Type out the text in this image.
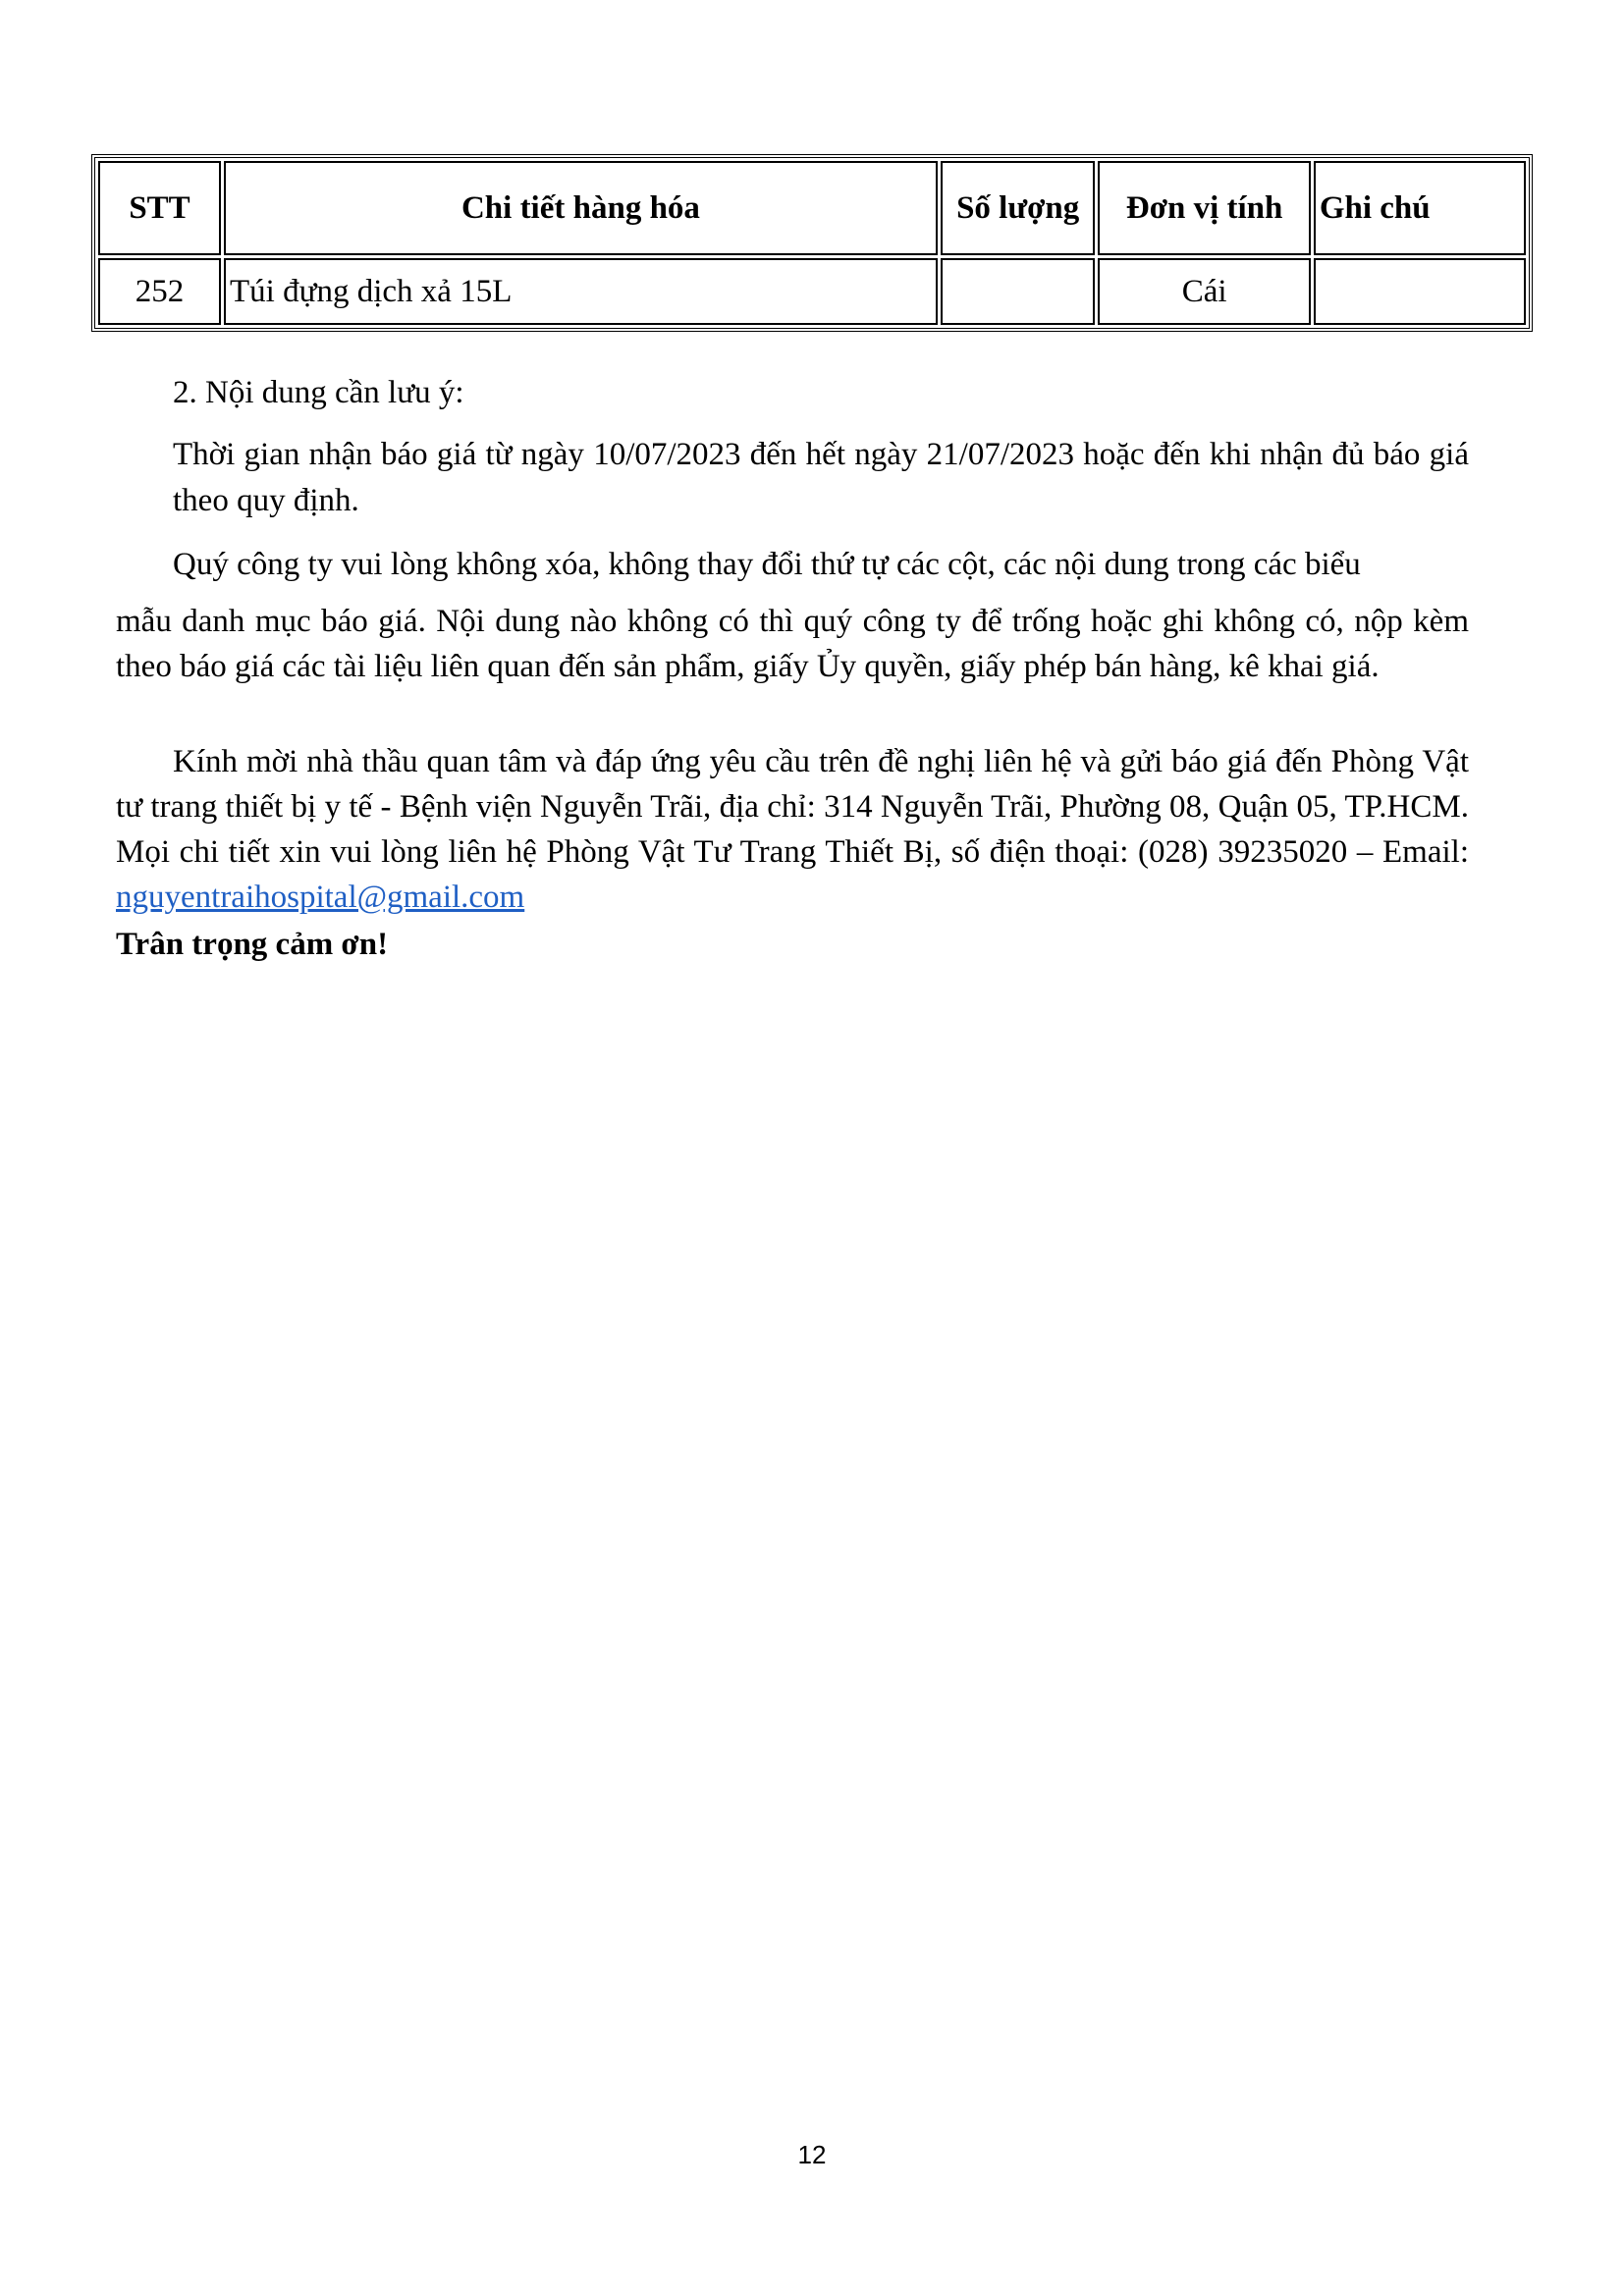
STT	Chi tiết hàng hóa	Số lượng	Đơn vị tính	Ghi chú
252	Túi đựng dịch xả 15L		Cái	

2. Nội dung cần lưu ý:

Thời gian nhận báo giá từ ngày 10/07/2023 đến hết ngày 21/07/2023 hoặc đến khi nhận đủ báo giá theo quy định.

Quý công ty vui lòng không xóa, không thay đổi thứ tự các cột, các nội dung trong các biểu

mẫu danh mục báo giá. Nội dung nào không có thì quý công ty để trống hoặc ghi không có, nộp kèm theo báo giá các tài liệu liên quan đến sản phẩm, giấy Ủy quyền, giấy phép bán hàng, kê khai giá.

Kính mời nhà thầu quan tâm và đáp ứng yêu cầu trên đề nghị liên hệ và gửi báo giá đến Phòng Vật tư trang thiết bị y tế - Bệnh viện Nguyễn Trãi, địa chỉ: 314 Nguyễn Trãi, Phường 08, Quận 05, TP.HCM. Mọi chi tiết xin vui lòng liên hệ Phòng Vật Tư Trang Thiết Bị, số điện thoại: (028) 39235020 – Email: nguyentraihospital@gmail.com

Trân trọng cảm ơn!

12
